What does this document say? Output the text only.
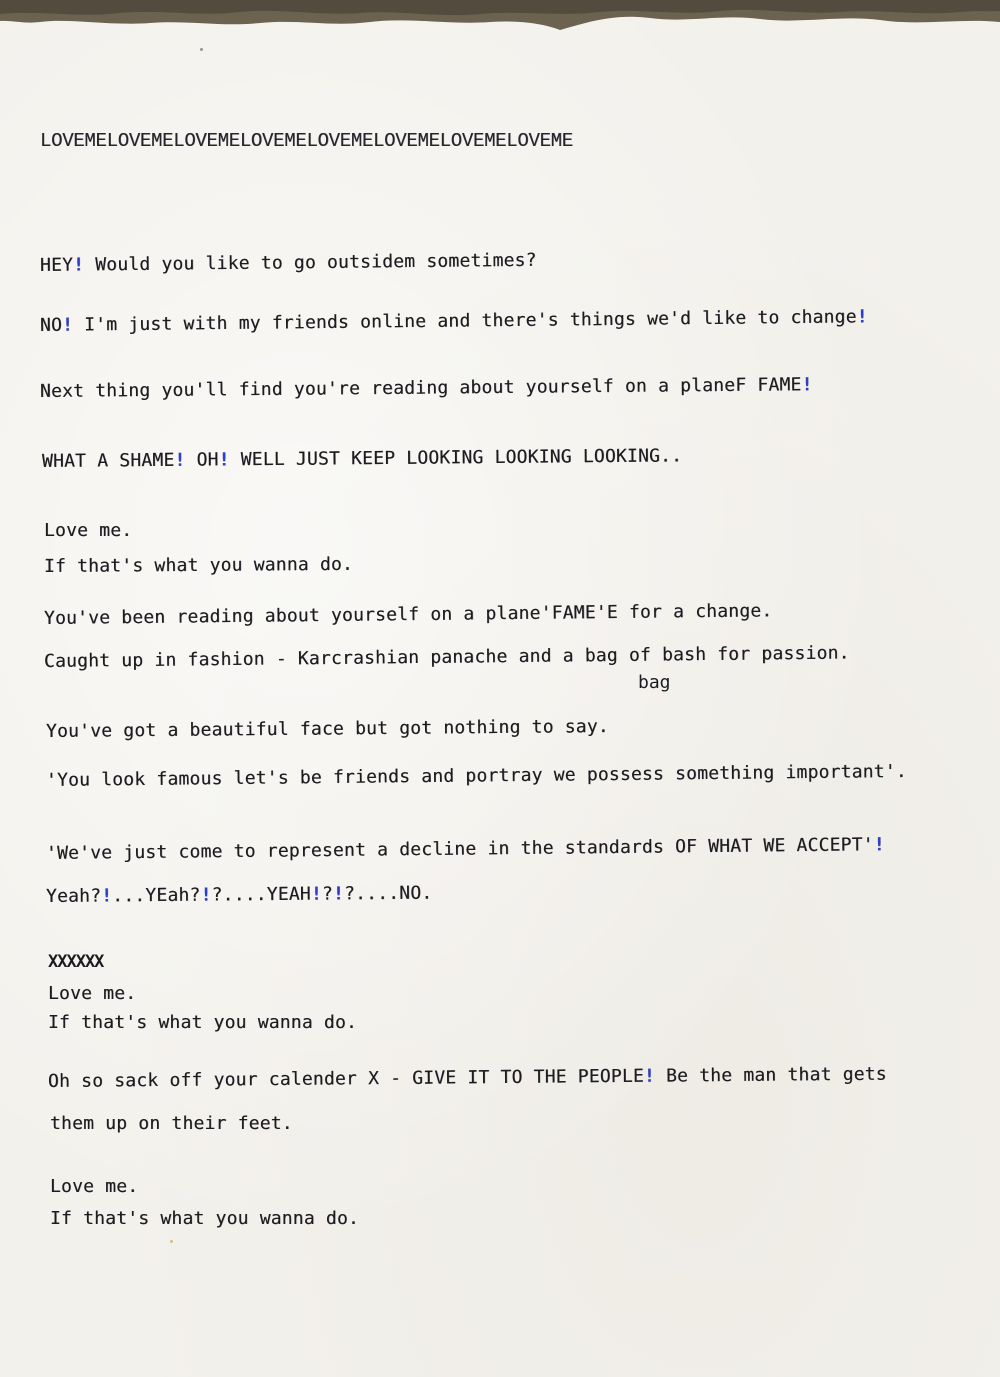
LOVEMELOVEMELOVEMELOVEMELOVEMELOVEMELOVEMELOVEME
HEY! Would you like to go outsidem sometimes?
NO! I'm just with my friends online and there's things we'd like to change!
Next thing you'll find you're reading about yourself on a planeF FAME!
WHAT A SHAME! OH! WELL JUST KEEP LOOKING LOOKING LOOKING..
Love me.
If that's what you wanna do.
You've been reading about yourself on a plane'FAME'E for a change.
Caught up in fashion - Karcrashian panache and a bag of bash for passion.
You've got a beautiful face but got nothing to say.
'You look famous let's be friends and portray we possess something important'.
'We've just come to represent a decline in the standards OF WHAT WE ACCEPT'!
Yeah?!...YEah?!?....YEAH!?!?....NO.
Love me.
If that's what you wanna do.
Oh so sack off your calender X - GIVE IT TO THE PEOPLE! Be the man that gets
them up on their feet.
Love me.
If that's what you wanna do.
XXXXXX
bag
